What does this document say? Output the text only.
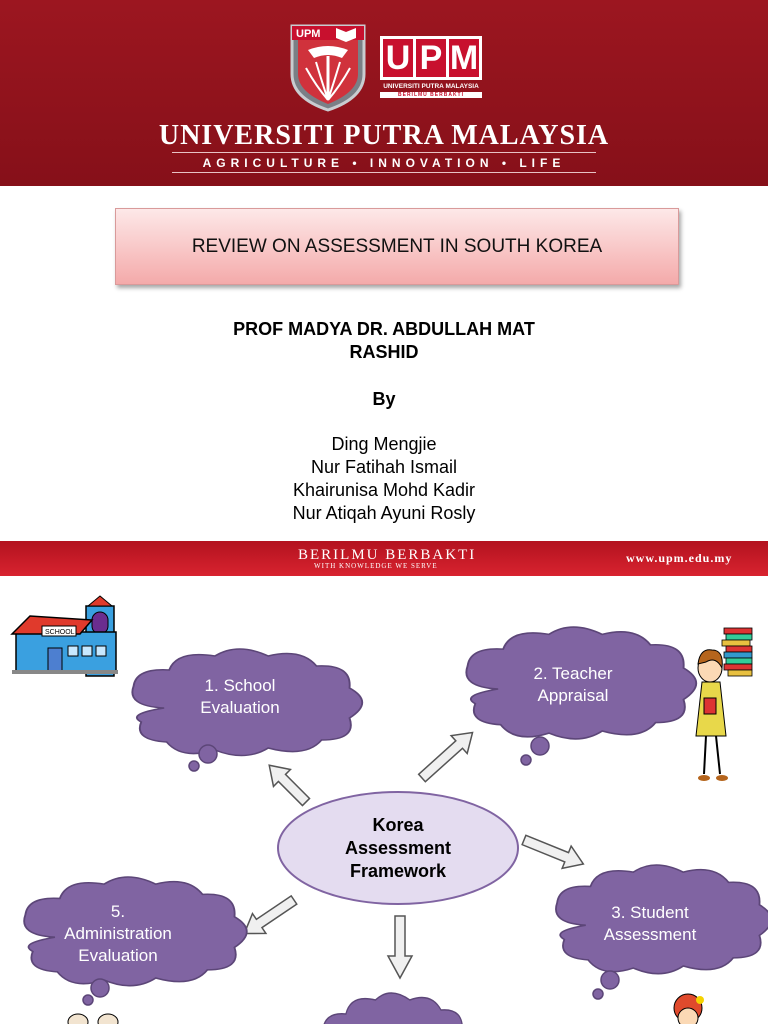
UPM
U P M
UNIVERSITI PUTRA MALAYSIA
BERILMU BERBAKTI
UNIVERSITI PUTRA MALAYSIA
AGRICULTURE • INNOVATION • LIFE
REVIEW ON ASSESSMENT IN SOUTH KOREA
PROF MADYA DR. ABDULLAH MAT
RASHID
By
Ding Mengjie
Nur Fatihah Ismail
Khairunisa Mohd Kadir
Nur Atiqah Ayuni Rosly
BERILMU BERBAKTI
WITH KNOWLEDGE WE SERVE
www.upm.edu.my
SCHOOL
1. School
Evaluation
2. Teacher
Appraisal
3. Student
Assessment
5.
Administration
Evaluation
Korea
Assessment
Framework
